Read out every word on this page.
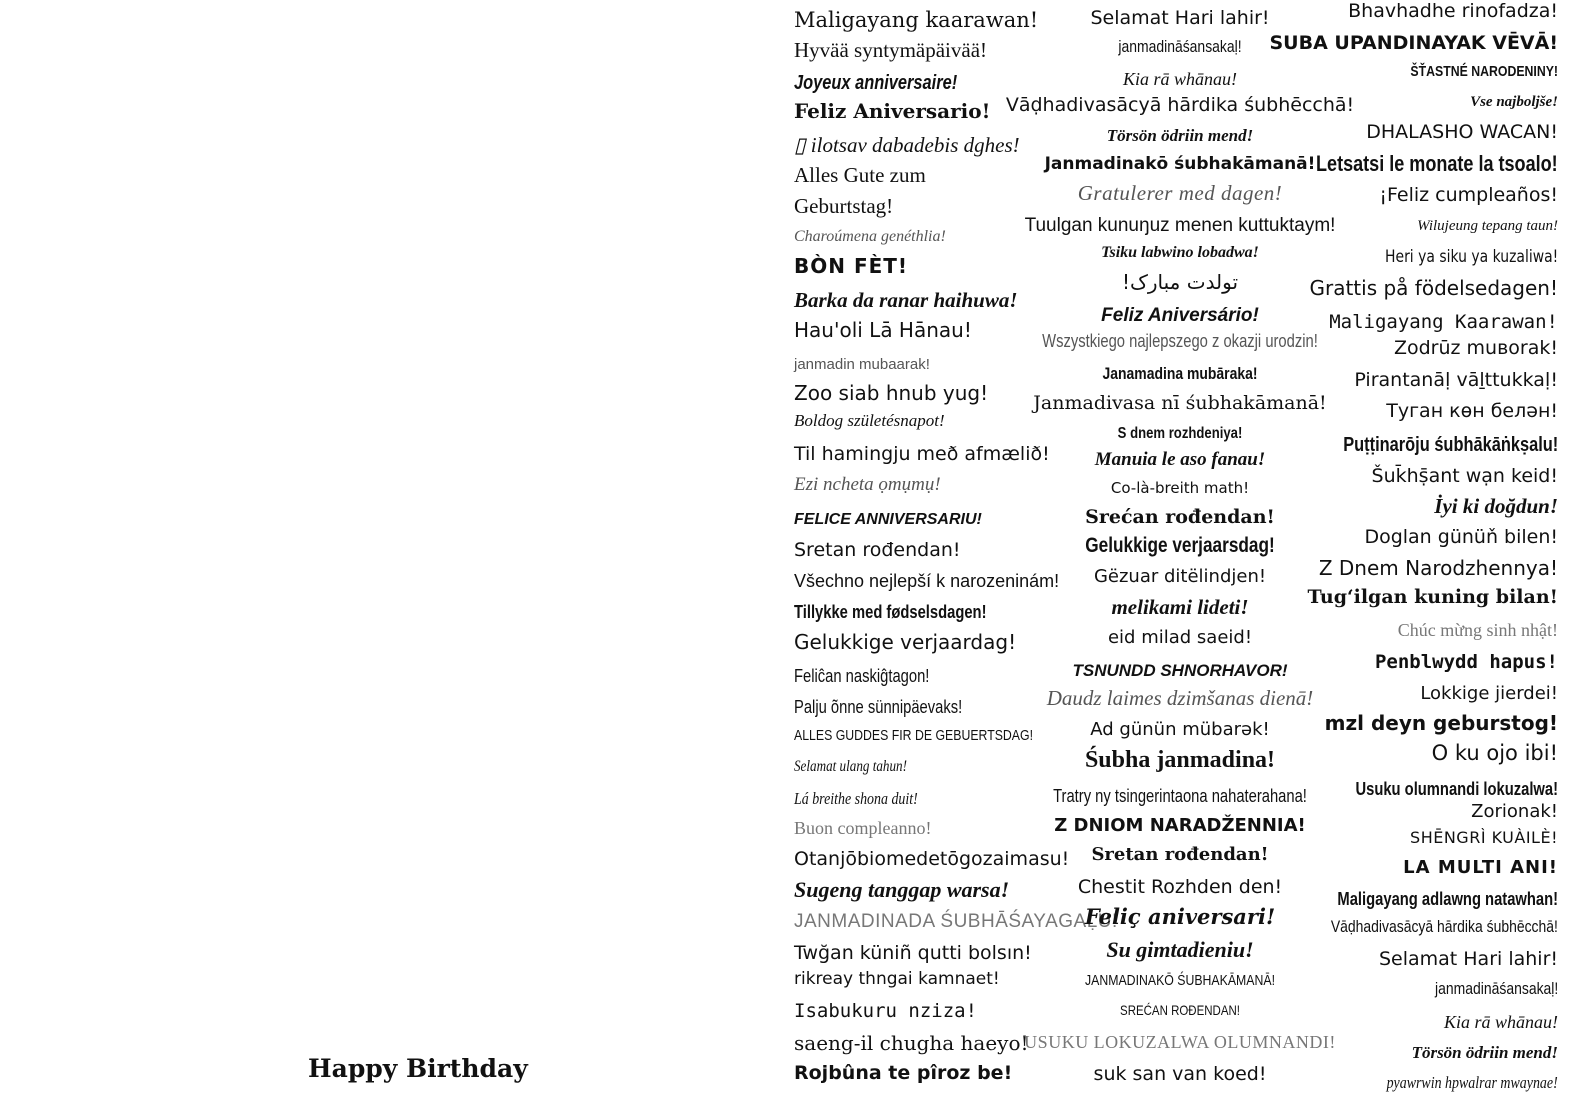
Happy Birthday
Maligayang kaarawan!
Hyvää syntymäpäivää!
Joyeux anniversaire!
Feliz Aniversario!
▯ ilotsav dabadebis dghes!
Alles Gute zum
Geburtstag!
Charoúmena genéthlia!
BÒN FÈT!
Barka da ranar haihuwa!
Hau'oli Lā Hānau!
janmadin mubaarak!
Zoo siab hnub yug!
Boldog születésnapot!
Til hamingju með afmælið!
Ezi ncheta ọmụmụ!
FELICE ANNIVERSARIU!
Sretan rođendan!
Všechno nejlepší k narozeninám!
Tillykke med fødselsdagen!
Gelukkige verjaardag!
Feliĉan naskiĝtagon!
Palju õnne sünnipäevaks!
ALLES GUDDES FIR DE GEBUERTSDAG!
Selamat ulang tahun!
Lá breithe shona duit!
Buon compleanno!
Otanjōbiomedetōgozaimasu!
Sugeng tanggap warsa!
JANMADINADA ŚUBHĀŚAYAGAḶU!
Twğan küniñ qutti bolsın!
rikreay thngai kamnaet!
Isabukuru nziza!
saeng-il chugha haeyo!
Rojbûna te pîroz be!
Selamat Hari lahir!
janmadināśansakaḷ!
Kia rā whānau!
Vāḍhadivasācyā hārdika śubhēcchā!
Törsön ödriin mend!
Janmadinakō śubhakāmanā!
Gratulerer med dagen!
Tuulgan kunuŋuz menen kuttuktaym!
Tsiku labwino lobadwa!
!تولدت مبارک
Feliz Aniversário!
Wszystkiego najlepszego z okazji urodzin!
Janamadina mubāraka!
Janmadivasa nī śubhakāmanā!
S dnem rozhdeniya!
Manuia le aso fanau!
Co-là-breith math!
Srećan rođendan!
Gelukkige verjaarsdag!
Gëzuar ditëlindjen!
melikami lideti!
eid milad saeid!
TSNUNDD SHNORHAVOR!
Daudz laimes dzimšanas dienā!
Ad günün mübarək!
Śubha janmadina!
Tratry ny tsingerintaona nahaterahana!
Z DNIOM NARADŽENNIA!
Sretan rođendan!
Chestit Rozhden den!
Feliç aniversari!
Su gimtadieniu!
JANMADINAKŌ ŚUBHAKĀMANĀ!
SREĆAN ROĐENDAN!
USUKU LOKUZALWA OLUMNANDI!
suk san van koed!
Bhavhadhe rinofadza!
SUBA UPANDINAYAK VĒVĀ!
ŠŤASTNÉ NARODENINY!
Vse najboljše!
DHALASHO WACAN!
Letsatsi le monate la tsoalo!
¡Feliz cumpleaños!
Wilujeung tepang taun!
Heri ya siku ya kuzaliwa!
Grattis på födelsedagen!
Maligayang Kaarawan!
Zodrūz muвorak!
Pirantanāḷ vāḻttukkaḷ!
Туган көн белән!
Puṭṭinarōju śubhākāṅkṣalu!
Šuk̄hṣ̄ant wạn keid!
İyi ki doğdun!
Doglan günüň bilen!
Z Dnem Narodzhennya!
Tugʻilgan kuning bilan!
Chúc mừng sinh nhật!
Penblwydd hapus!
Lokkige jierdei!
mzl deyn geburstog!
O ku ojo ibi!
Usuku olumnandi lokuzalwa!
Zorionak!
SHĒNGRÌ KUÀILÈ!
LA MULTI ANI!
Maligayang adlawng natawhan!
Vāḍhadivasācyā hārdika śubhēcchā!
Selamat Hari lahir!
janmadināśansakaḷ!
Kia rā whānau!
Törsön ödriin mend!
pyawrwin hpwalrar mwaynae!
